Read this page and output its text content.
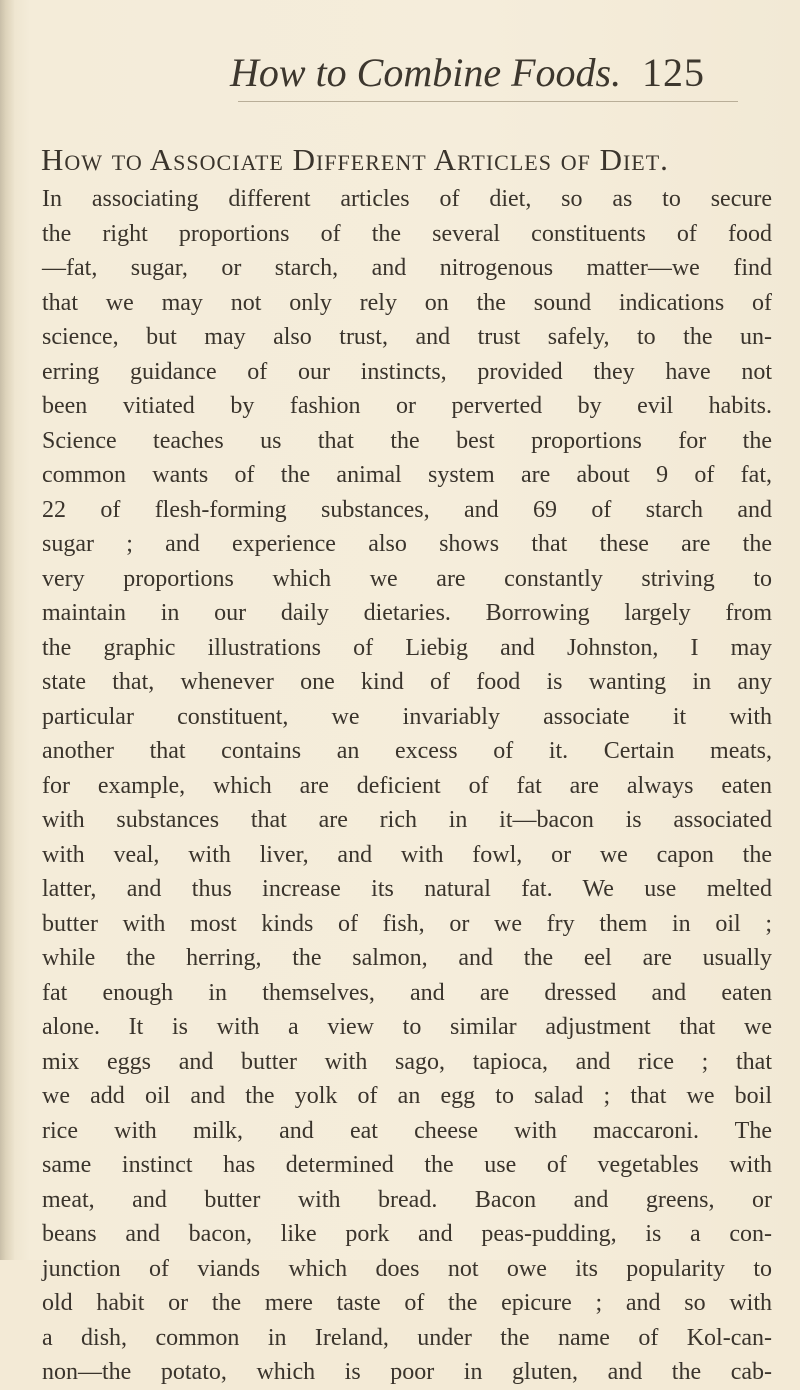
How to Combine Foods. 125
How to Associate Different Articles of Diet.
In associating different articles of diet, so as to secure
the right proportions of the several constituents of food
—fat, sugar, or starch, and nitrogenous matter—we find
that we may not only rely on the sound indications of
science, but may also trust, and trust safely, to the un-
erring guidance of our instincts, provided they have not
been vitiated by fashion or perverted by evil habits.
Science teaches us that the best proportions for the
common wants of the animal system are about 9 of fat,
22 of flesh-forming substances, and 69 of starch and
sugar ; and experience also shows that these are the
very proportions which we are constantly striving to
maintain in our daily dietaries. Borrowing largely from
the graphic illustrations of Liebig and Johnston, I may
state that, whenever one kind of food is wanting in any
particular constituent, we invariably associate it with
another that contains an excess of it. Certain meats,
for example, which are deficient of fat are always eaten
with substances that are rich in it—bacon is associated
with veal, with liver, and with fowl, or we capon the
latter, and thus increase its natural fat. We use melted
butter with most kinds of fish, or we fry them in oil ;
while the herring, the salmon, and the eel are usually
fat enough in themselves, and are dressed and eaten
alone. It is with a view to similar adjustment that we
mix eggs and butter with sago, tapioca, and rice ; that
we add oil and the yolk of an egg to salad ; that we boil
rice with milk, and eat cheese with maccaroni. The
same instinct has determined the use of vegetables with
meat, and butter with bread. Bacon and greens, or
beans and bacon, like pork and peas-pudding, is a con-
junction of viands which does not owe its popularity to
old habit or the mere taste of the epicure ; and so with
a dish, common in Ireland, under the name of Kol-can-
non—the potato, which is poor in gluten, and the cab-
